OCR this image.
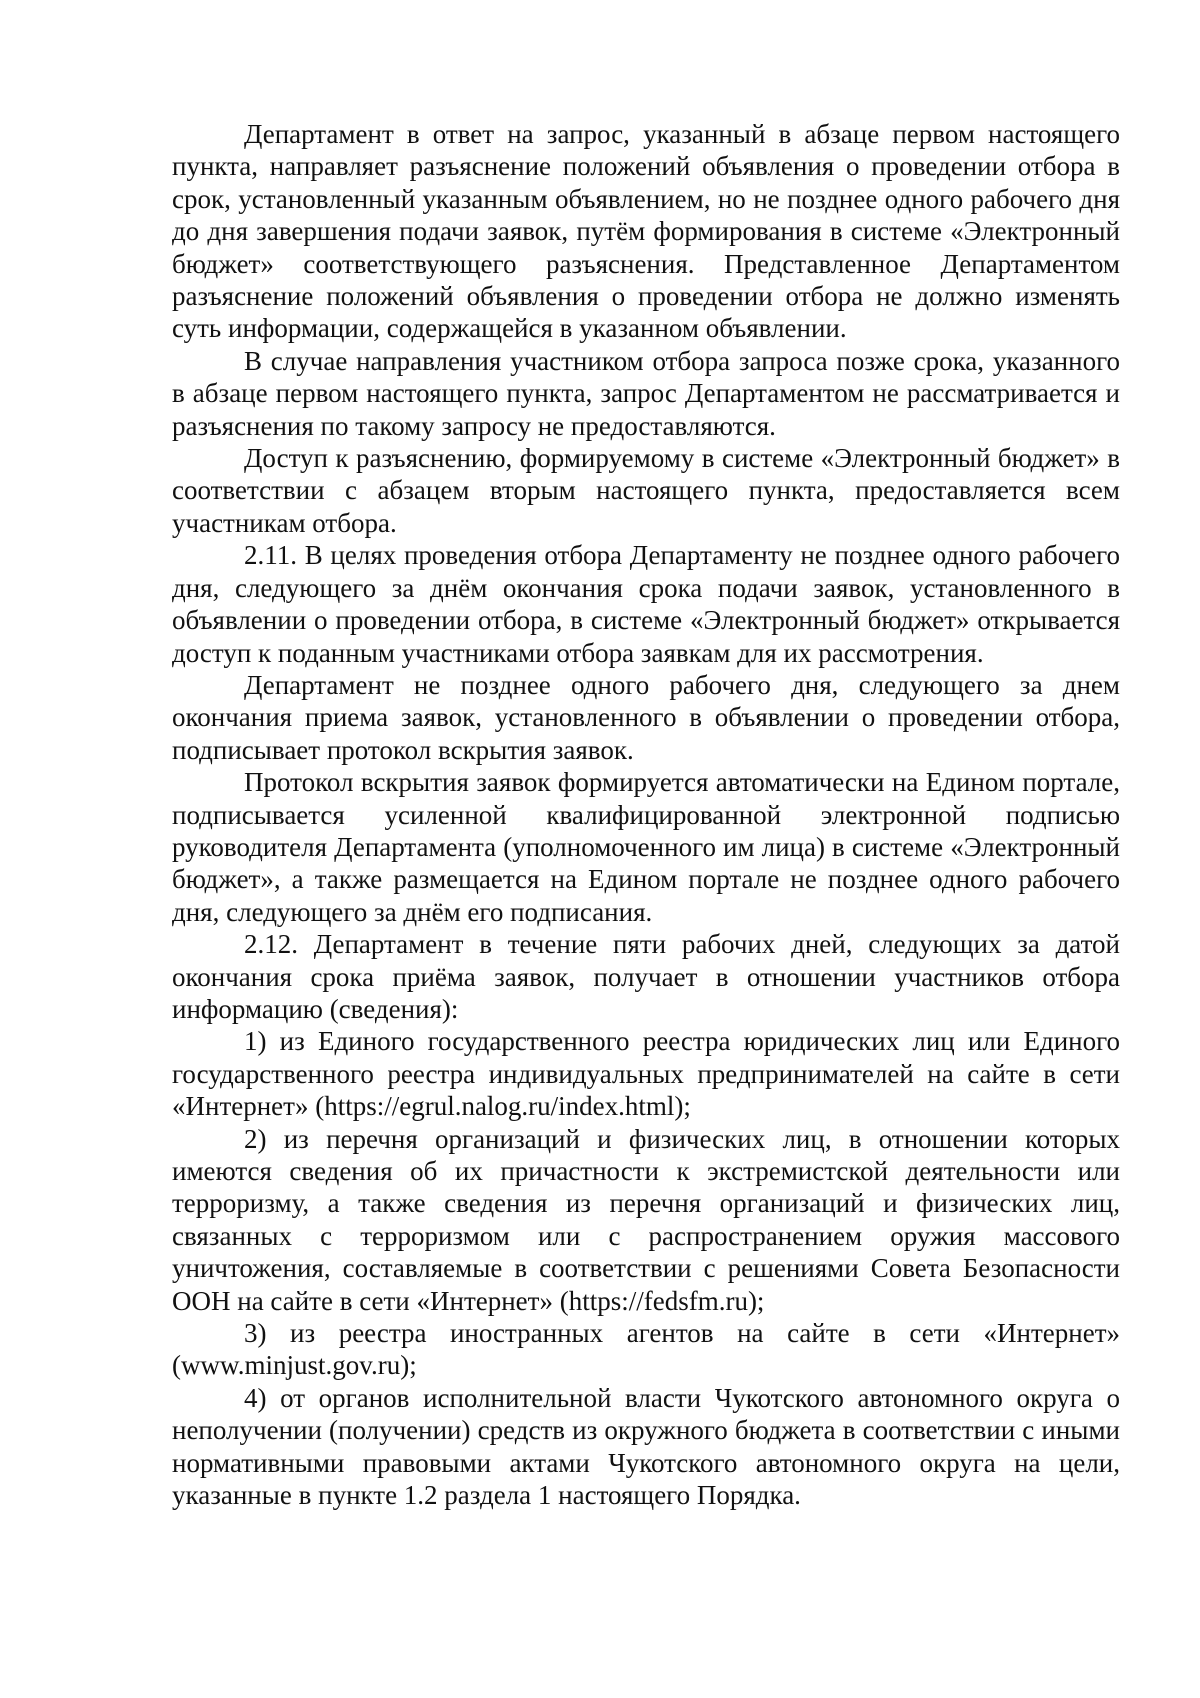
Департамент в ответ на запрос, указанный в абзаце первом настоящего пункта, направляет разъяснение положений объявления о проведении отбора в срок, установленный указанным объявлением, но не позднее одного рабочего дня до дня завершения подачи заявок, путём формирования в системе «Электронный бюджет» соответствующего разъяснения. Представленное Департаментом разъяснение положений объявления о проведении отбора не должно изменять суть информации, содержащейся в указанном объявлении.

В случае направления участником отбора запроса позже срока, указанного в абзаце первом настоящего пункта, запрос Департаментом не рассматривается и разъяснения по такому запросу не предоставляются.

Доступ к разъяснению, формируемому в системе «Электронный бюджет» в соответствии с абзацем вторым настоящего пункта, предоставляется всем участникам отбора.

2.11. В целях проведения отбора Департаменту не позднее одного рабочего дня, следующего за днём окончания срока подачи заявок, установленного в объявлении о проведении отбора, в системе «Электронный бюджет» открывается доступ к поданным участниками отбора заявкам для их рассмотрения.

Департамент не позднее одного рабочего дня, следующего за днем окончания приема заявок, установленного в объявлении о проведении отбора, подписывает протокол вскрытия заявок.

Протокол вскрытия заявок формируется автоматически на Едином портале, подписывается усиленной квалифицированной электронной подписью руководителя Департамента (уполномоченного им лица) в системе «Электронный бюджет», а также размещается на Едином портале не позднее одного рабочего дня, следующего за днём его подписания.

2.12. Департамент в течение пяти рабочих дней, следующих за датой окончания срока приёма заявок, получает в отношении участников отбора информацию (сведения):

1) из Единого государственного реестра юридических лиц или Единого государственного реестра индивидуальных предпринимателей на сайте в сети «Интернет» (https://egrul.nalog.ru/index.html);

2) из перечня организаций и физических лиц, в отношении которых имеются сведения об их причастности к экстремистской деятельности или терроризму, а также сведения из перечня организаций и физических лиц, связанных с терроризмом или с распространением оружия массового уничтожения, составляемые в соответствии с решениями Совета Безопасности ООН на сайте в сети «Интернет» (https://fedsfm.ru);

3) из реестра иностранных агентов на сайте в сети «Интернет» (www.minjust.gov.ru);

4) от органов исполнительной власти Чукотского автономного округа о неполучении (получении) средств из окружного бюджета в соответствии с иными нормативными правовыми актами Чукотского автономного округа на цели, указанные в пункте 1.2 раздела 1 настоящего Порядка.
